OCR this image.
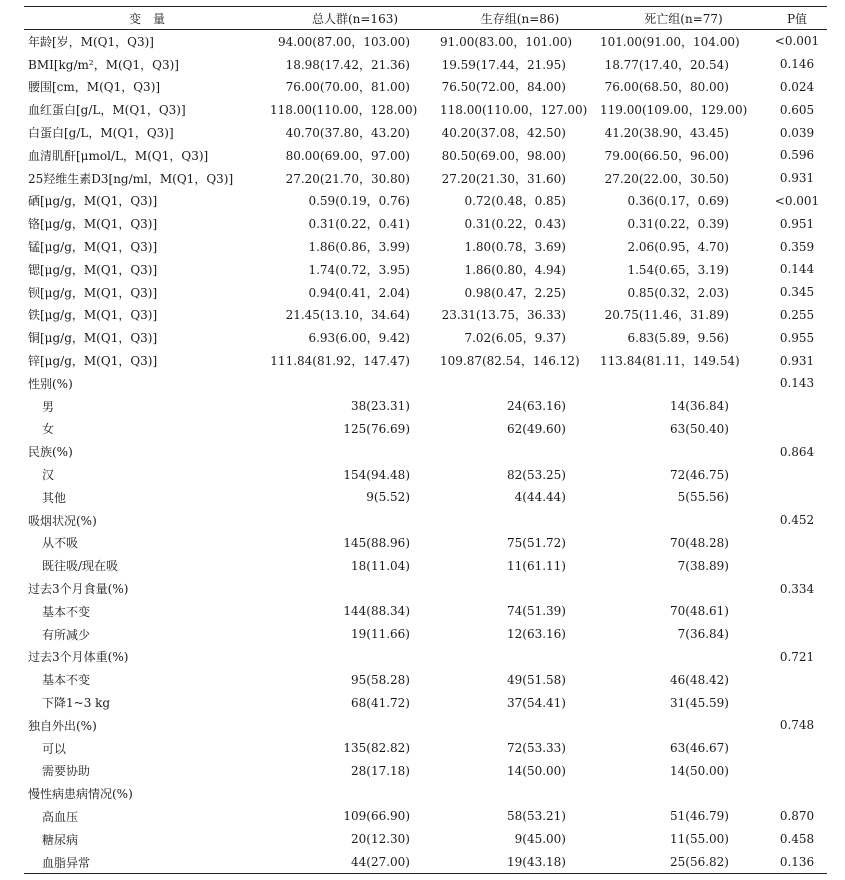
变　量	总人群(n=163)	生存组(n=86)	死亡组(n=77)	P值
年龄[岁，M(Q1，Q3)]	94.00(87.00，103.00)	91.00(83.00，101.00)	101.00(91.00，104.00)	<0.001
BMI[kg/m²，M(Q1，Q3)]	18.98(17.42，21.36)	19.59(17.44，21.95)	18.77(17.40，20.54)	0.146
腰围[cm，M(Q1，Q3)]	76.00(70.00，81.00)	76.50(72.00，84.00)	76.00(68.50，80.00)	0.024
血红蛋白[g/L，M(Q1，Q3)]	118.00(110.00，128.00)	118.00(110.00，127.00)	119.00(109.00，129.00)	0.605
白蛋白[g/L，M(Q1，Q3)]	40.70(37.80，43.20)	40.20(37.08，42.50)	41.20(38.90，43.45)	0.039
血清肌酐[μmol/L，M(Q1，Q3)]	80.00(69.00，97.00)	80.50(69.00，98.00)	79.00(66.50，96.00)	0.596
25羟维生素D3[ng/ml，M(Q1，Q3)]	27.20(21.70，30.80)	27.20(21.30，31.60)	27.20(22.00，30.50)	0.931
硒[μg/g，M(Q1，Q3)]	0.59(0.19，0.76)	0.72(0.48，0.85)	0.36(0.17，0.69)	<0.001
铬[μg/g，M(Q1，Q3)]	0.31(0.22，0.41)	0.31(0.22，0.43)	0.31(0.22，0.39)	0.951
锰[μg/g，M(Q1，Q3)]	1.86(0.86，3.99)	1.80(0.78，3.69)	2.06(0.95，4.70)	0.359
锶[μg/g，M(Q1，Q3)]	1.74(0.72，3.95)	1.86(0.80，4.94)	1.54(0.65，3.19)	0.144
钡[μg/g，M(Q1，Q3)]	0.94(0.41，2.04)	0.98(0.47，2.25)	0.85(0.32，2.03)	0.345
铁[μg/g，M(Q1，Q3)]	21.45(13.10，34.64)	23.31(13.75，36.33)	20.75(11.46，31.89)	0.255
铜[μg/g，M(Q1，Q3)]	6.93(6.00，9.42)	7.02(6.05，9.37)	6.83(5.89，9.56)	0.955
锌[μg/g，M(Q1，Q3)]	111.84(81.92，147.47)	109.87(82.54，146.12)	113.84(81.11，149.54)	0.931
性别(%)				0.143
男	38(23.31)	24(63.16)	14(36.84)	
女	125(76.69)	62(49.60)	63(50.40)	
民族(%)				0.864
汉	154(94.48)	82(53.25)	72(46.75)	
其他	9(5.52)	4(44.44)	5(55.56)	
吸烟状况(%)				0.452
从不吸	145(88.96)	75(51.72)	70(48.28)	
既往吸/现在吸	18(11.04)	11(61.11)	7(38.89)	
过去3个月食量(%)				0.334
基本不变	144(88.34)	74(51.39)	70(48.61)	
有所减少	19(11.66)	12(63.16)	7(36.84)	
过去3个月体重(%)				0.721
基本不变	95(58.28)	49(51.58)	46(48.42)	
下降1~3 kg	68(41.72)	37(54.41)	31(45.59)	
独自外出(%)				0.748
可以	135(82.82)	72(53.33)	63(46.67)	
需要协助	28(17.18)	14(50.00)	14(50.00)	
慢性病患病情况(%)				
高血压	109(66.90)	58(53.21)	51(46.79)	0.870
糖尿病	20(12.30)	9(45.00)	11(55.00)	0.458
血脂异常	44(27.00)	19(43.18)	25(56.82)	0.136
